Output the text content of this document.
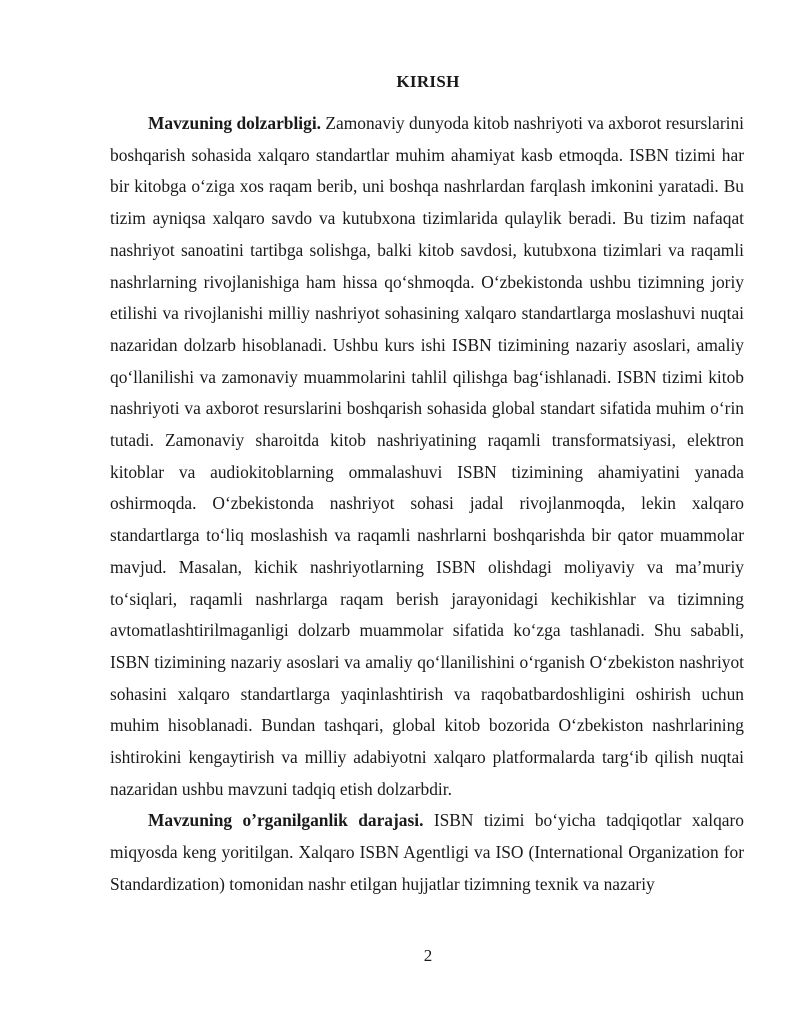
KIRISH

Mavzuning dolzarbligi. Zamonaviy dunyoda kitob nashriyoti va axborot resurslarini boshqarish sohasida xalqaro standartlar muhim ahamiyat kasb etmoqda. ISBN tizimi har bir kitobga o‘ziga xos raqam berib, uni boshqa nashrlardan farqlash imkonini yaratadi. Bu tizim ayniqsa xalqaro savdo va kutubxona tizimlarida qulaylik beradi. Bu tizim nafaqat nashriyot sanoatini tartibga solishga, balki kitob savdosi, kutubxona tizimlari va raqamli nashrlarning rivojlanishiga ham hissa qo‘shmoqda. O‘zbekistonda ushbu tizimning joriy etilishi va rivojlanishi milliy nashriyot sohasining xalqaro standartlarga moslashuvi nuqtai nazaridan dolzarb hisoblanadi. Ushbu kurs ishi ISBN tizimining nazariy asoslari, amaliy qo‘llanilishi va zamonaviy muammolarini tahlil qilishga bag‘ishlanadi. ISBN tizimi kitob nashriyoti va axborot resurslarini boshqarish sohasida global standart sifatida muhim o‘rin tutadi. Zamonaviy sharoitda kitob nashriyatining raqamli transformatsiyasi, elektron kitoblar va audiokitoblarning ommalashuvi ISBN tizimining ahamiyatini yanada oshirmoqda. O‘zbekistonda nashriyot sohasi jadal rivojlanmoqda, lekin xalqaro standartlarga to‘liq moslashish va raqamli nashrlarni boshqarishda bir qator muammolar mavjud. Masalan, kichik nashriyotlarning ISBN olishdagi moliyaviy va ma’muriy to‘siqlari, raqamli nashrlarga raqam berish jarayonidagi kechikishlar va tizimning avtomatlashtirilmaganligi dolzarb muammolar sifatida ko‘zga tashlanadi. Shu sababli, ISBN tizimining nazariy asoslari va amaliy qo‘llanilishini o‘rganish O‘zbekiston nashriyot sohasini xalqaro standartlarga yaqinlashtirish va raqobatbardoshligini oshirish uchun muhim hisoblanadi. Bundan tashqari, global kitob bozorida O‘zbekiston nashrlarining ishtirokini kengaytirish va milliy adabiyotni xalqaro platformalarda targ‘ib qilish nuqtai nazaridan ushbu mavzuni tadqiq etish dolzarbdir.

Mavzuning o’rganilganlik darajasi. ISBN tizimi bo‘yicha tadqiqotlar xalqaro miqyosda keng yoritilgan. Xalqaro ISBN Agentligi va ISO (International Organization for Standardization) tomonidan nashr etilgan hujjatlar tizimning texnik va nazariy

2
